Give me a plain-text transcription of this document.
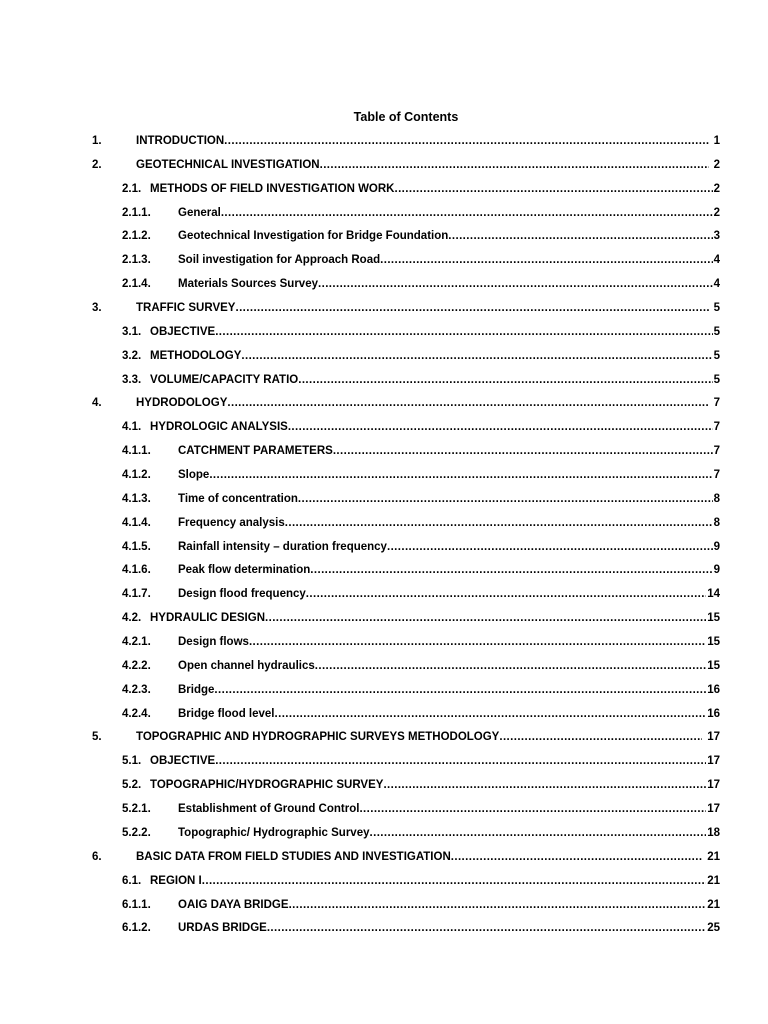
Table of Contents
1.	INTRODUCTION .....	1
2.	GEOTECHNICAL INVESTIGATION .....	2
2.1. METHODS OF FIELD INVESTIGATION WORK .....	2
2.1.1. General .....	2
2.1.2. Geotechnical Investigation for Bridge Foundation .....	3
2.1.3. Soil investigation for Approach Road .....	4
2.1.4. Materials Sources Survey .....	4
3.	TRAFFIC SURVEY .....	5
3.1. OBJECTIVE .....	5
3.2. METHODOLOGY .....	5
3.3. VOLUME/CAPACITY RATIO .....	5
4.	HYDRODOLOGY .....	7
4.1. HYDROLOGIC ANALYSIS .....	7
4.1.1. CATCHMENT PARAMETERS .....	7
4.1.2. Slope .....	7
4.1.3. Time of concentration .....	8
4.1.4. Frequency analysis .....	8
4.1.5. Rainfall intensity – duration frequency .....	9
4.1.6. Peak flow determination .....	9
4.1.7. Design flood frequency .....	14
4.2. HYDRAULIC DESIGN .....	15
4.2.1. Design flows .....	15
4.2.2. Open channel hydraulics .....	15
4.2.3. Bridge .....	16
4.2.4. Bridge flood level .....	16
5.	TOPOGRAPHIC AND HYDROGRAPHIC SURVEYS METHODOLOGY .....	17
5.1. OBJECTIVE .....	17
5.2. TOPOGRAPHIC/HYDROGRAPHIC SURVEY .....	17
5.2.1. Establishment of Ground Control .....	17
5.2.2. Topographic/ Hydrographic Survey .....	18
6.	BASIC DATA FROM FIELD STUDIES AND INVESTIGATION .....	21
6.1. REGION I .....	21
6.1.1. OAIG DAYA BRIDGE .....	21
6.1.2. URDAS BRIDGE .....	25
